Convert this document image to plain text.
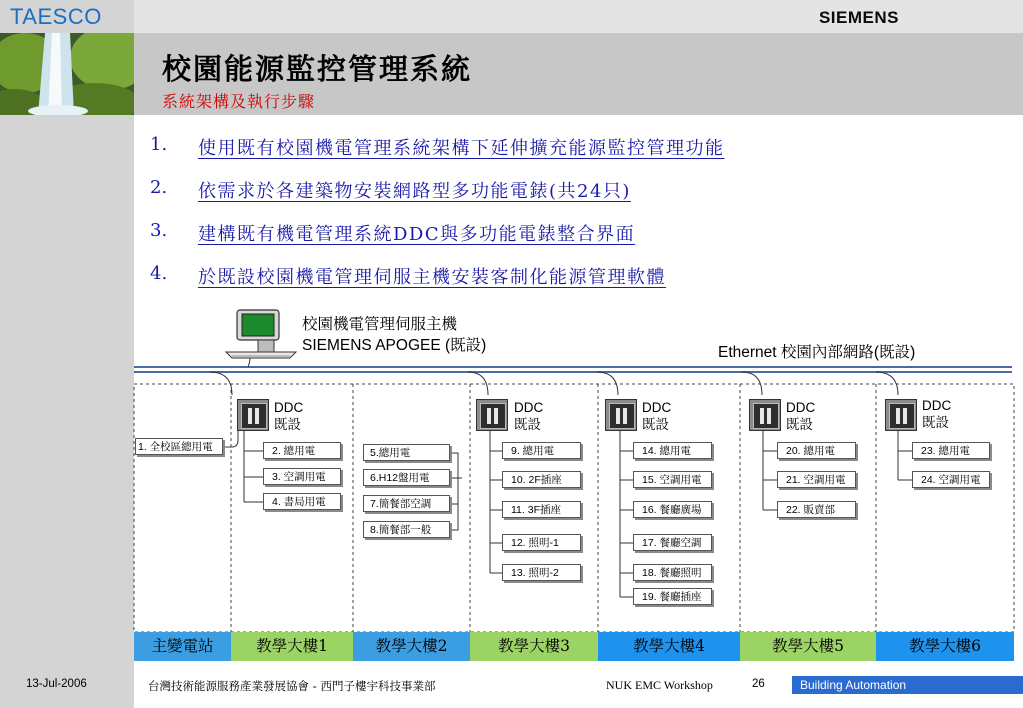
TAESCO	SIEMENS
校園能源監控管理系統
系統架構及執行步驟
1. 使用既有校園機電管理系統架構下延伸擴充能源監控管理功能
2. 依需求於各建築物安裝網路型多功能電錶(共24只)
3. 建構既有機電管理系統DDC與多功能電錶整合界面
4. 於既設校園機電管理伺服主機安裝客制化能源管理軟體
校園機電管理伺服主機
SIEMENS APOGEE (既設)	Ethernet 校園內部網路(既設)
DDC
既設
DDC
既設
DDC
既設
DDC
既設
DDC
既設
1. 全校區總用電	2. 總用電
3. 空調用電
4. 書局用電
5.總用電
6.H12盤用電
7.簡餐部空調
8.簡餐部一般
9. 總用電
10. 2F插座
11. 3F插座
12. 照明-1
13. 照明-2
14. 總用電
15. 空調用電
16. 餐廳廣場
17. 餐廳空調
18. 餐廳照明
19. 餐廳插座
20. 總用電
21. 空調用電
22. 販賣部
23. 總用電
24. 空調用電
主變電站	教學大樓1	教學大樓2	教學大樓3	教學大樓4	教學大樓5	教學大樓6
13-Jul-2006	台灣技術能源服務產業發展協會 - 西門子樓宇科技事業部	NUK EMC Workshop	26	Building Automation
